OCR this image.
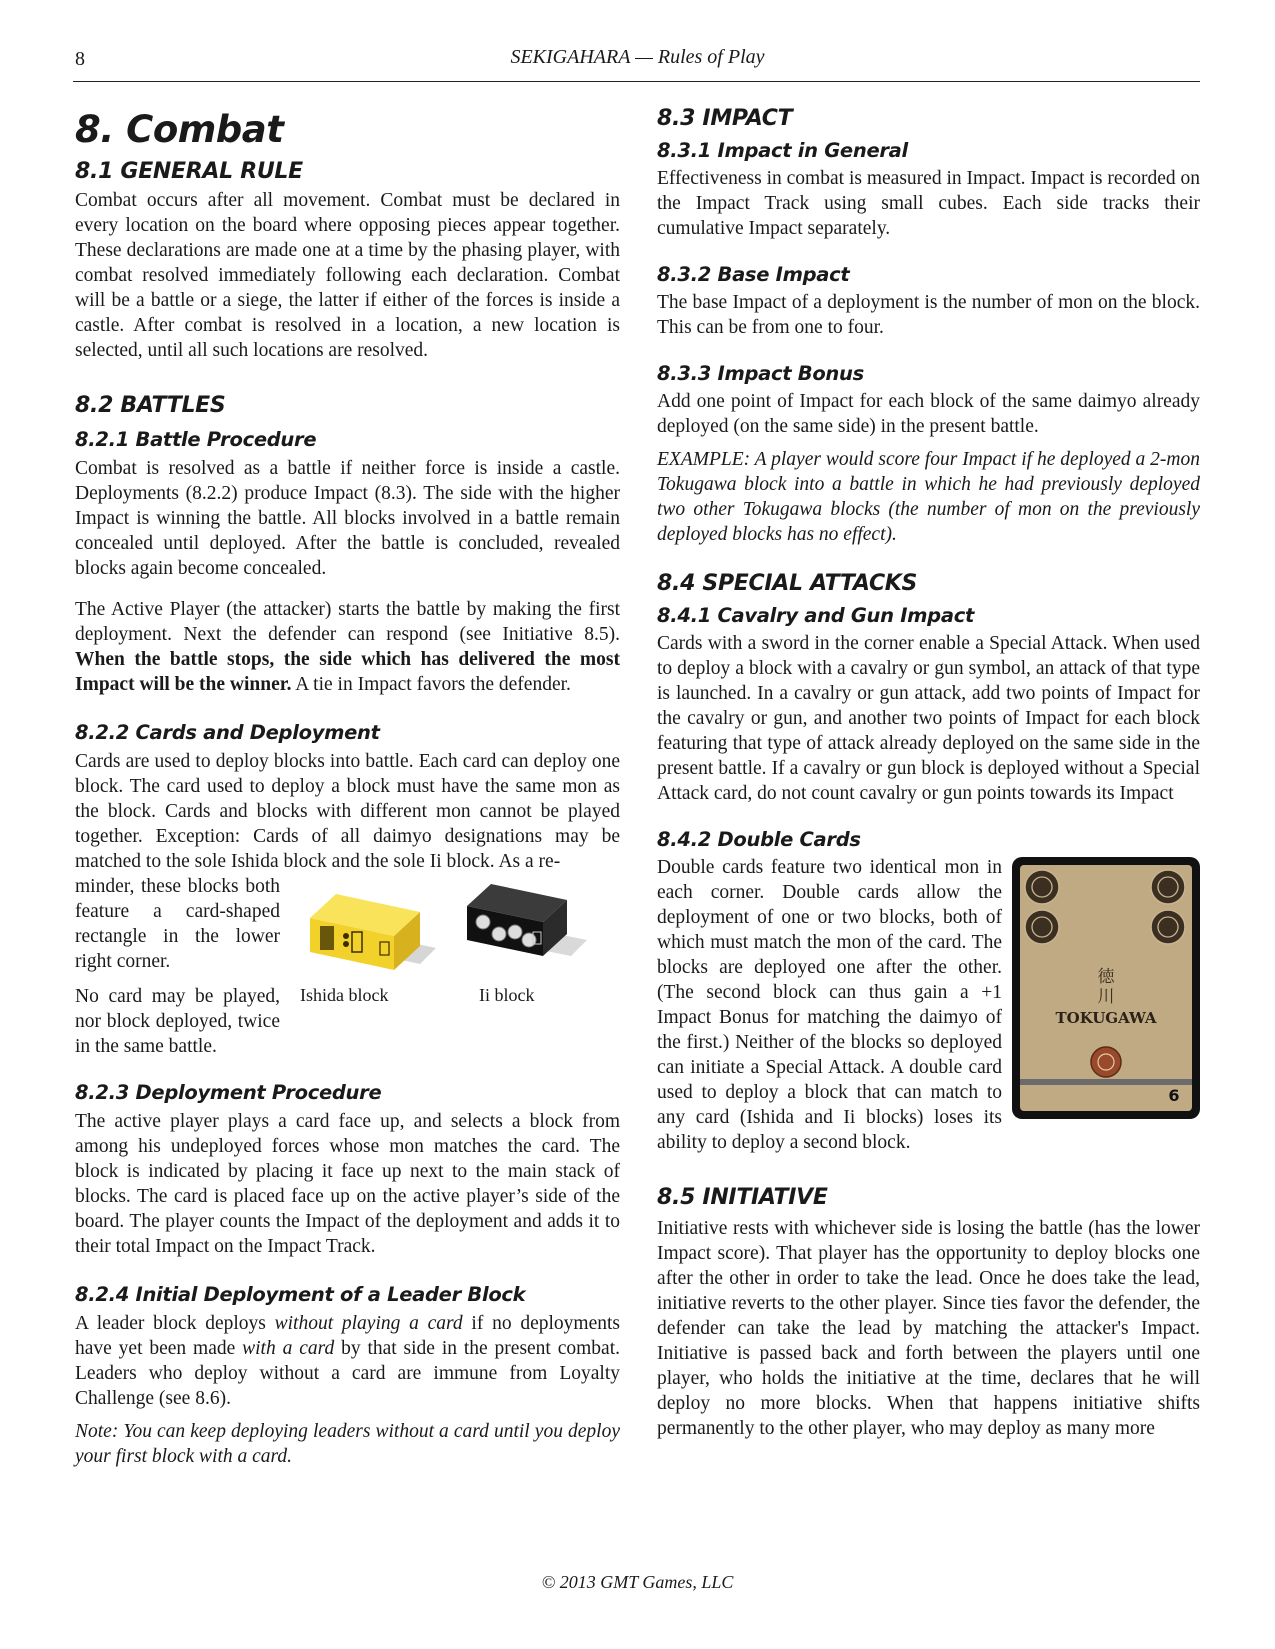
8	SEKIGAHARA — Rules of Play
8. Combat
8.1 GENERAL RULE

Combat occurs after all movement. Combat must be declared in every location on the board where opposing pieces appear together. These declarations are made one at a time by the phasing player, with combat resolved immediately following each declaration. Combat will be a battle or a siege, the latter if either of the forces is inside a castle. After combat is resolved in a location, a new location is selected, until all such locations are resolved.

8.2 BATTLES
8.2.1 Battle Procedure

Combat is resolved as a battle if neither force is inside a castle. Deployments (8.2.2) produce Impact (8.3). The side with the higher Impact is winning the battle. All blocks involved in a battle remain concealed until deployed. After the battle is concluded, revealed blocks again become concealed.

The Active Player (the attacker) starts the battle by making the first deployment. Next the defender can respond (see Initiative 8.5). When the battle stops, the side which has delivered the most Impact will be the winner. A tie in Impact favors the defender.

8.2.2 Cards and Deployment

Cards are used to deploy blocks into battle. Each card can deploy one block. The card used to deploy a block must have the same mon as the block. Cards and blocks with different mon cannot be played together. Exception: Cards of all daimyo designations may be matched to the sole Ishida block and the sole Ii block. As a re-

minder, these blocks both feature a card-shaped rectangle in the lower right corner.

No card may be played, nor block deployed, twice in the same battle.

Ishida block	Ii block
8.2.3 Deployment Procedure

The active player plays a card face up, and selects a block from among his undeployed forces whose mon matches the card. The block is indicated by placing it face up next to the main stack of blocks. The card is placed face up on the active player’s side of the board. The player counts the Impact of the deployment and adds it to their total Impact on the Impact Track.

8.2.4 Initial Deployment of a Leader Block

A leader block deploys without playing a card if no deployments have yet been made with a card by that side in the present combat. Leaders who deploy without a card are immune from Loyalty Challenge (see 8.6).

Note: You can keep deploying leaders without a card until you deploy your first block with a card.

8.3 IMPACT
8.3.1 Impact in General

Effectiveness in combat is measured in Impact. Impact is recorded on the Impact Track using small cubes. Each side tracks their cumulative Impact separately.

8.3.2 Base Impact

The base Impact of a deployment is the number of mon on the block. This can be from one to four.

8.3.3 Impact Bonus

Add one point of Impact for each block of the same daimyo already deployed (on the same side) in the present battle.

EXAMPLE: A player would score four Impact if he deployed a 2-mon Tokugawa block into a battle in which he had previously deployed two other Tokugawa blocks (the number of mon on the previously deployed blocks has no effect).

8.4 SPECIAL ATTACKS
8.4.1 Cavalry and Gun Impact

Cards with a sword in the corner enable a Special Attack. When used to deploy a block with a cavalry or gun symbol, an attack of that type is launched. In a cavalry or gun attack, add two points of Impact for the cavalry or gun, and another two points of Impact for each block featuring that type of attack already deployed on the same side in the present battle. If a cavalry or gun block is deployed without a Special Attack card, do not count cavalry or gun points towards its Impact

8.4.2 Double Cards
徳
川
TOKUGAWA
6

Double cards feature two identical mon in each corner. Double cards allow the deployment of one or two blocks, both of which must match the mon of the card. The blocks are deployed one after the other. (The second block can thus gain a +1 Impact Bonus for matching the daimyo of the first.) Neither of the blocks so deployed can initiate a Special Attack. A double card used to deploy a block that can match to any card (Ishida and Ii blocks) loses its ability to deploy a second block.

8.5 INITIATIVE

Initiative rests with whichever side is losing the battle (has the lower Impact score). That player has the opportunity to deploy blocks one after the other in order to take the lead. Once he does take the lead, initiative reverts to the other player. Since ties favor the defender, the defender can take the lead by matching the attacker's Impact. Initiative is passed back and forth between the players until one player, who holds the initiative at the time, declares that he will deploy no more blocks. When that happens initiative shifts permanently to the other player, who may deploy as many more

© 2013 GMT Games, LLC
